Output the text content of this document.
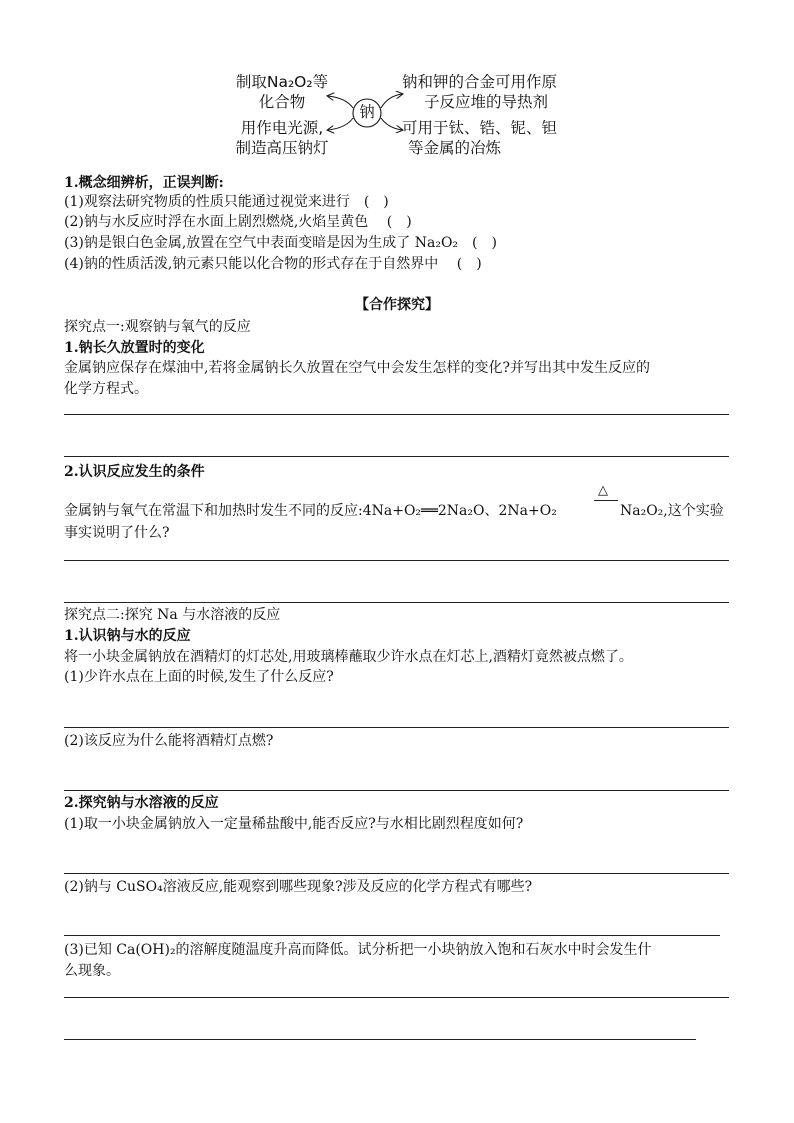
制取Na₂O₂等
化合物
用作电光源,
制造高压钠灯
钠和钾的合金可用作原
子反应堆的导热剂
可用于钛、锆、铌、钽
等金属的冶炼
钠
1.概念细辨析，正误判断:
(1)观察法研究物质的性质只能通过视觉来进行　(　)
(2)钠与水反应时浮在水面上剧烈燃烧,火焰呈黄色　 (　)
(3)钠是银白色金属,放置在空气中表面变暗是因为生成了 Na₂O₂　(　)
(4)钠的性质活泼,钠元素只能以化合物的形式存在于自然界中　 (　)
【合作探究】
探究点一:观察钠与氧气的反应
1.钠长久放置时的变化
金属钠应保存在煤油中,若将金属钠长久放置在空气中会发生怎样的变化?并写出其中发生反应的
化学方程式。
2.认识反应发生的条件
△
金属钠与氧气在常温下和加热时发生不同的反应:4Na+O₂══2Na₂O、2Na+O₂	Na₂O₂,这个实验
事实说明了什么?
探究点二:探究 Na 与水溶液的反应
1.认识钠与水的反应
将一小块金属钠放在酒精灯的灯芯处,用玻璃棒蘸取少许水点在灯芯上,酒精灯竟然被点燃了。
(1)少许水点在上面的时候,发生了什么反应?
(2)该反应为什么能将酒精灯点燃?
2.探究钠与水溶液的反应
(1)取一小块金属钠放入一定量稀盐酸中,能否反应?与水相比剧烈程度如何?
(2)钠与 CuSO₄溶液反应,能观察到哪些现象?涉及反应的化学方程式有哪些?
(3)已知 Ca(OH)₂的溶解度随温度升高而降低。试分析把一小块钠放入饱和石灰水中时会发生什
么现象。
